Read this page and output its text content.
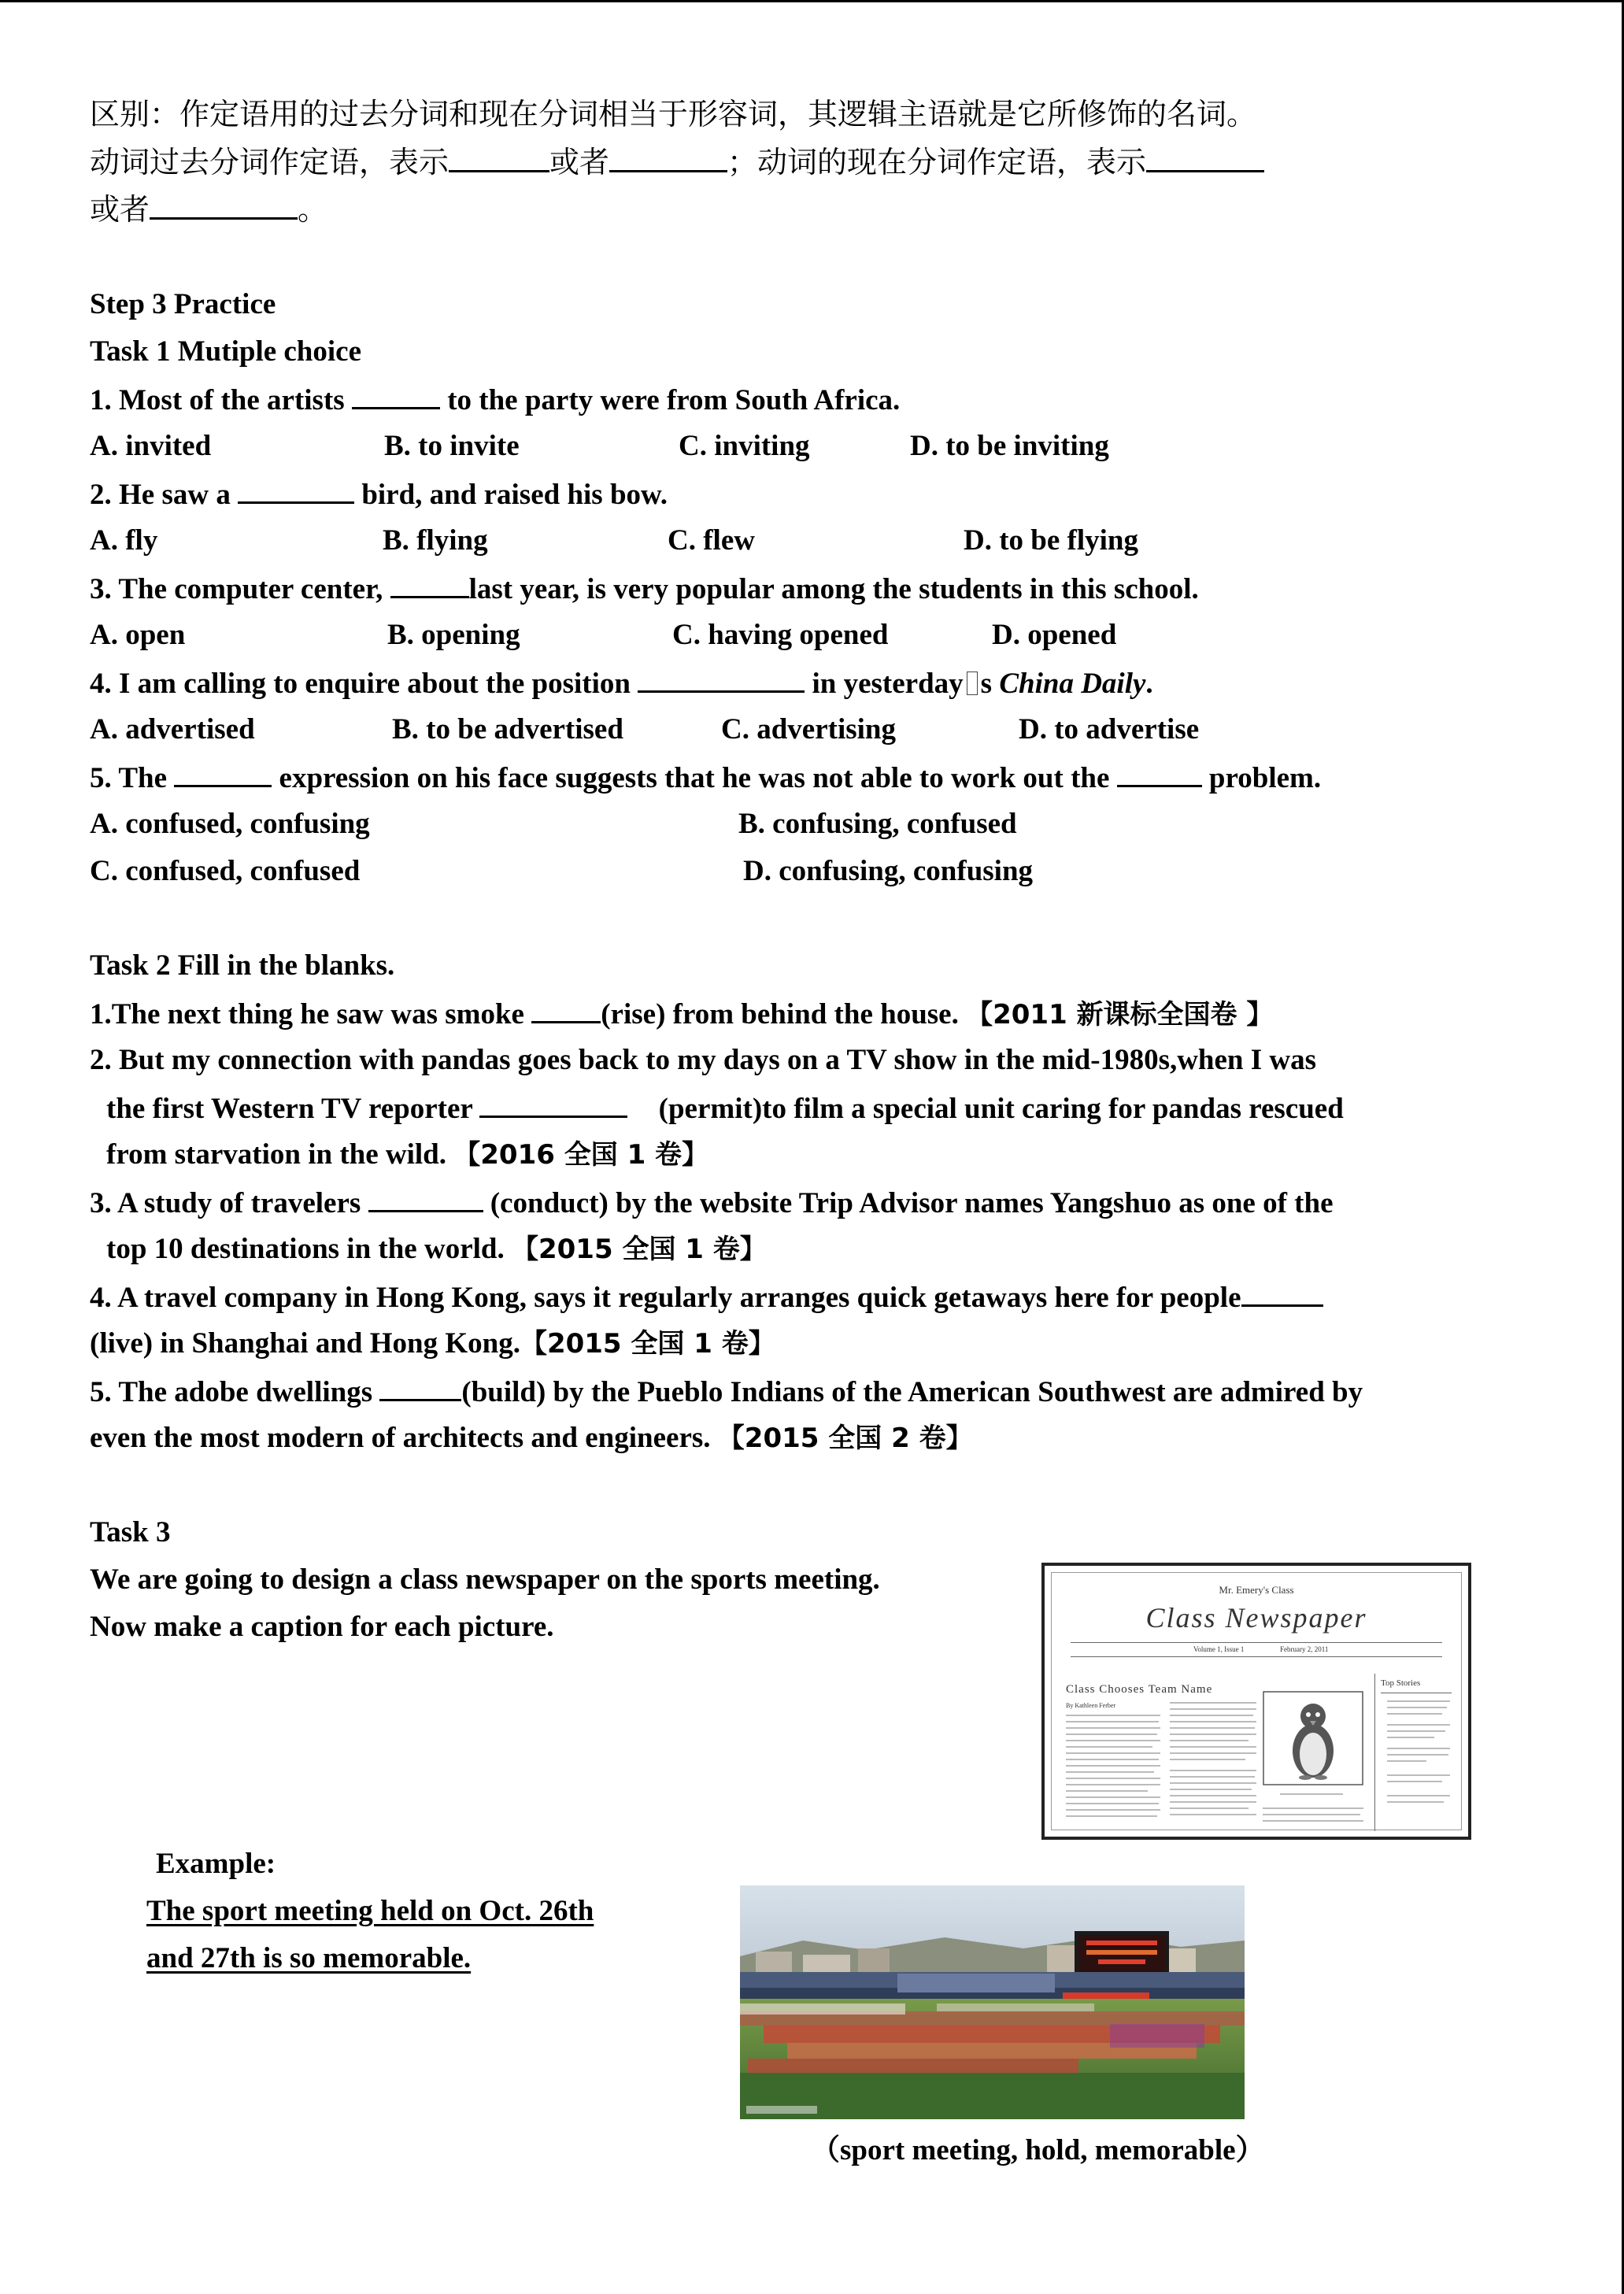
区别：作定语用的过去分词和现在分词相当于形容词，其逻辑主语就是它所修饰的名词。
动词过去分词作定语，表示	或者	；动词的现在分词作定语，表示
或者	。
Step 3 Practice
Task 1 Mutiple choice
1. Most of the artists	to the party were from South Africa.
A. invited	B. to invite	C. inviting	D. to be inviting
2. He saw a	bird, and raised his bow.
A. fly	B. flying	C. flew	D. to be flying
3. The computer center,	last year, is very popular among the students in this school.
A. open	B. opening	C. having opened	D. opened
4. I am calling to enquire about the position	in yesterday s China Daily.
A. advertised	B. to be advertised	C. advertising	D. to advertise
5. The	expression on his face suggests that he was not able to work out the	problem.
A. confused, confusing	B. confusing, confused
C. confused, confused	D. confusing, confusing
Task 2 Fill in the blanks.
1.The next thing he saw was smoke (rise) from behind the house. 【2011 新课标全国卷 】
2. But my connection with pandas goes back to my days on a TV show in the mid-1980s,when I was
the first Western TV reporter	(permit)to film a special unit caring for pandas rescued
from starvation in the wild. 【2016 全国 1 卷】
3. A study of travelers	(conduct) by the website Trip Advisor names Yangshuo as one of the
top 10 destinations in the world. 【2015 全国 1 卷】
4. A travel company in Hong Kong, says it regularly arranges quick getaways here for people
(live) in Shanghai and Hong Kong.【2015 全国 1 卷】
5. The adobe dwellings	(build) by the Pueblo Indians of the American Southwest are admired by
even the most modern of architects and engineers. 【2015 全国 2 卷】
Task 3
We are going to design a class newspaper on the sports meeting.
Now make a caption for each picture.
Mr. Emery's Class
Class Newspaper
Volume 1, Issue 1	February 2, 2011
Class Chooses Team Name
By Kathleen Ferber
Top Stories
Example:
The sport meeting held on Oct. 26th
and 27th is so memorable.
（sport meeting, hold, memorable）
